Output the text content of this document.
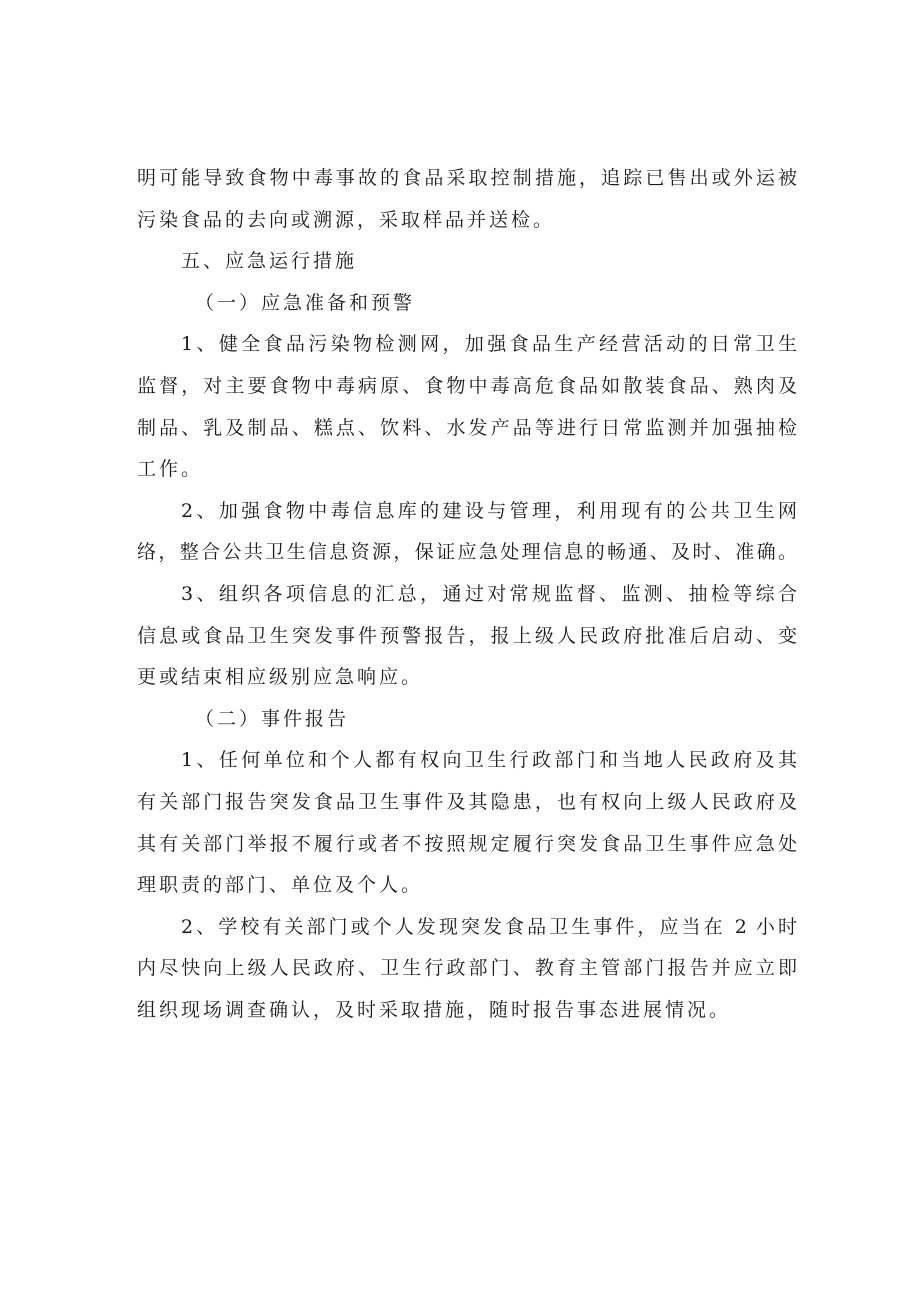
明可能导致食物中毒事故的食品采取控制措施，追踪已售出或外运被
污染食品的去向或溯源，采取样品并送检。
五、应急运行措施
（一）应急准备和预警
1、健全食品污染物检测网，加强食品生产经营活动的日常卫生
监督，对主要食物中毒病原、食物中毒高危食品如散装食品、熟肉及
制品、乳及制品、糕点、饮料、水发产品等进行日常监测并加强抽检
工作。
2、加强食物中毒信息库的建设与管理，利用现有的公共卫生网
络，整合公共卫生信息资源，保证应急处理信息的畅通、及时、准确。
3、组织各项信息的汇总，通过对常规监督、监测、抽检等综合
信息或食品卫生突发事件预警报告，报上级人民政府批准后启动、变
更或结束相应级别应急响应。
（二）事件报告
1、任何单位和个人都有权向卫生行政部门和当地人民政府及其
有关部门报告突发食品卫生事件及其隐患，也有权向上级人民政府及
其有关部门举报不履行或者不按照规定履行突发食品卫生事件应急处
理职责的部门、单位及个人。
2、学校有关部门或个人发现突发食品卫生事件，应当在 2 小时
内尽快向上级人民政府、卫生行政部门、教育主管部门报告并应立即
组织现场调查确认，及时采取措施，随时报告事态进展情况。
